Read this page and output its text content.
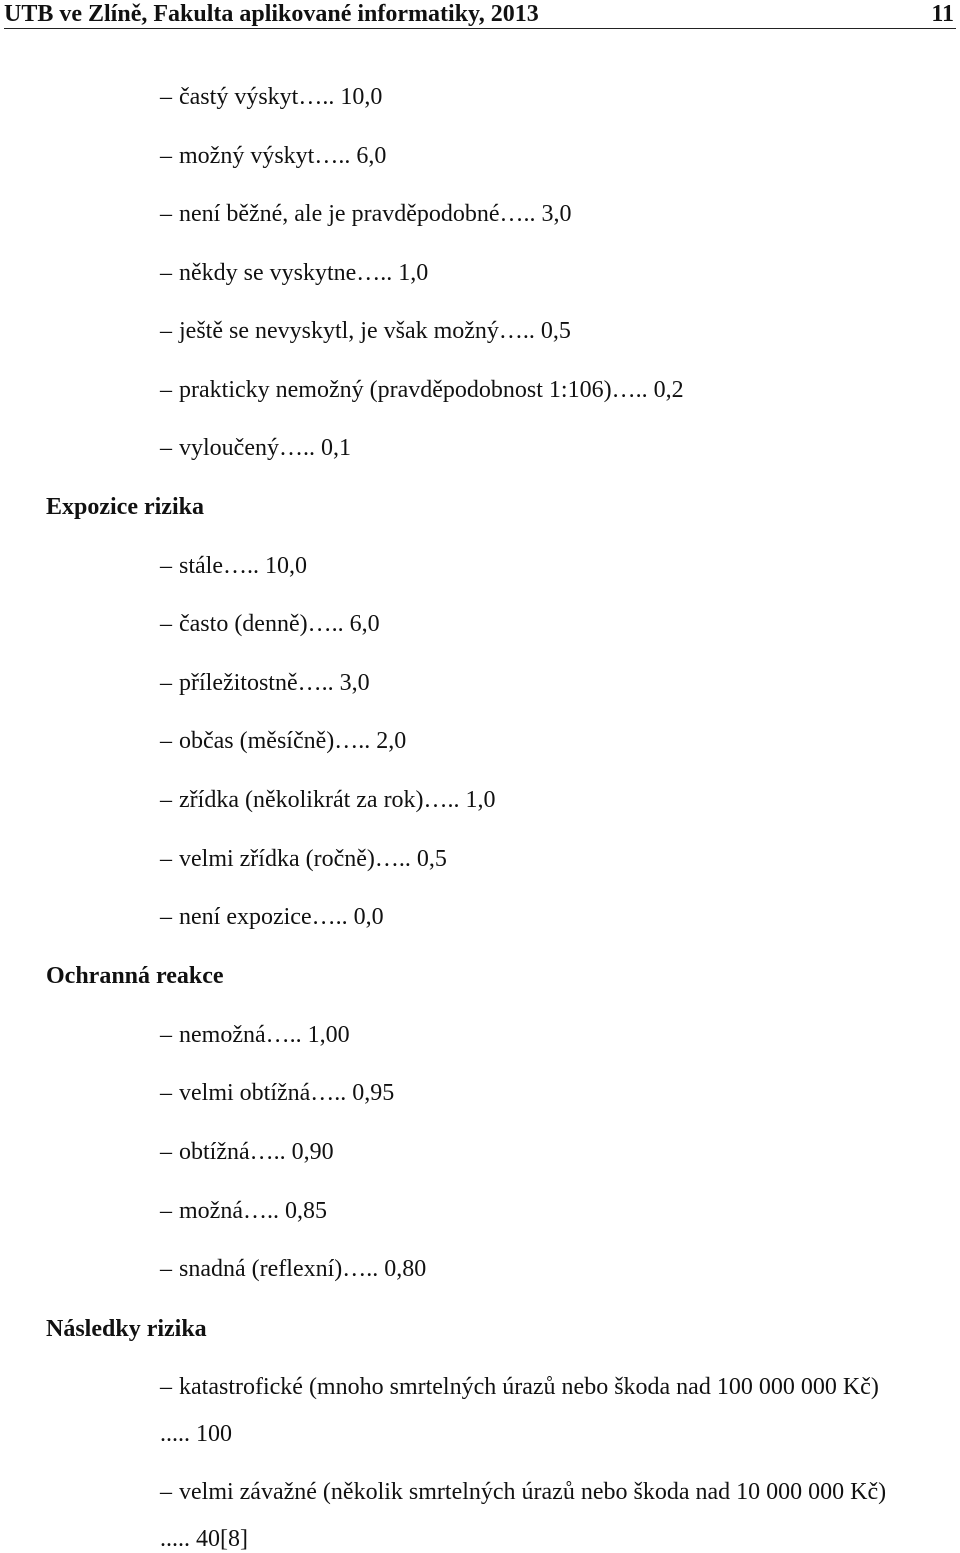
UTB ve Zlíně, Fakulta aplikované informatiky, 2013	11
– častý výskyt….. 10,0
– možný výskyt….. 6,0
– není běžné, ale je pravděpodobné….. 3,0
– někdy se vyskytne….. 1,0
– ještě se nevyskytl, je však možný….. 0,5
– prakticky nemožný (pravděpodobnost 1:106)….. 0,2
– vyloučený….. 0,1
Expozice rizika
– stále….. 10,0
– často (denně)….. 6,0
– příležitostně….. 3,0
– občas (měsíčně)….. 2,0
– zřídka (několikrát za rok)….. 1,0
– velmi zřídka (ročně)….. 0,5
– není expozice….. 0,0
Ochranná reakce
– nemožná….. 1,00
– velmi obtížná….. 0,95
– obtížná….. 0,90
– možná….. 0,85
– snadná (reflexní)….. 0,80
Následky rizika
– katastrofické (mnoho smrtelných úrazů nebo škoda nad 100 000 000 Kč)
..... 100
– velmi závažné (několik smrtelných úrazů nebo škoda nad 10 000 000 Kč)
..... 40[8]
